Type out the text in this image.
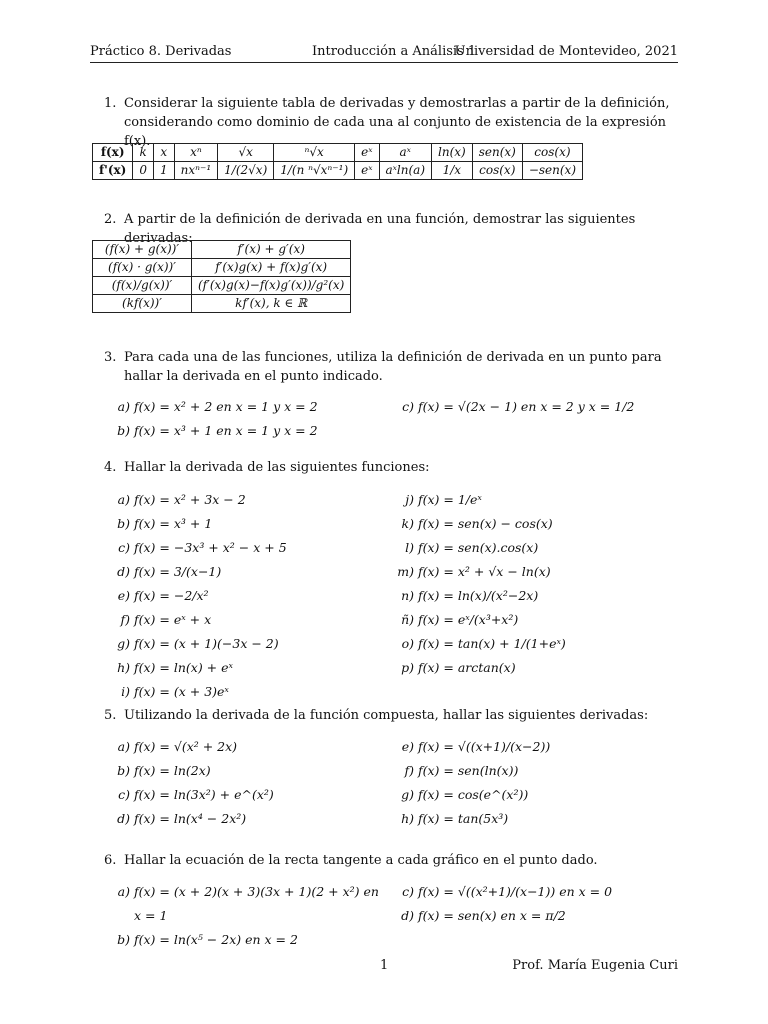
Práctico 8. Derivadas	Introducción a Análisis 1
Universidad de Montevideo, 2021
1. Considerar la siguiente tabla de derivadas y demostrarlas a partir de la definición, considerando como dominio de cada una al conjunto de existencia de la expresión f(x).
f(x)	k	x	xⁿ	√x	ⁿ√x	eˣ	aˣ	ln(x)	sen(x)	cos(x)
f'(x)	0	1	nxⁿ⁻¹	1/(2√x)	1/(n ⁿ√xⁿ⁻¹)	eˣ	aˣln(a)	1/x	cos(x)	−sen(x)
2. A partir de la definición de derivada en una función, demostrar las siguientes derivadas:
(f(x) + g(x))′	f′(x) + g′(x)
(f(x) · g(x))′	f′(x)g(x) + f(x)g′(x)
(f(x)/g(x))′	(f′(x)g(x)−f(x)g′(x))/g²(x)
(kf(x))′	kf′(x), k ∈ ℝ
3. Para cada una de las funciones, utiliza la definición de derivada en un punto para hallar la derivada en el punto indicado.
a) f(x) = x² + 2 en x = 1 y x = 2
b) f(x) = x³ + 1 en x = 1 y x = 2
c) f(x) = √(2x − 1) en x = 2 y x = 1/2
4. Hallar la derivada de las siguientes funciones:
a) f(x) = x² + 3x − 2
b) f(x) = x³ + 1
c) f(x) = −3x³ + x² − x + 5
d) f(x) = 3/(x−1)
e) f(x) = −2/x²
f) f(x) = eˣ + x
g) f(x) = (x + 1)(−3x − 2)
h) f(x) = ln(x) + eˣ
i) f(x) = (x + 3)eˣ
j) f(x) = 1/eˣ
k) f(x) = sen(x) − cos(x)
l) f(x) = sen(x).cos(x)
m) f(x) = x² + √x − ln(x)
n) f(x) = ln(x)/(x²−2x)
ñ) f(x) = eˣ/(x³+x²)
o) f(x) = tan(x) + 1/(1+eˣ)
p) f(x) = arctan(x)
5. Utilizando la derivada de la función compuesta, hallar las siguientes derivadas:
a) f(x) = √(x² + 2x)
b) f(x) = ln(2x)
c) f(x) = ln(3x²) + e^(x²)
d) f(x) = ln(x⁴ − 2x²)
e) f(x) = √((x+1)/(x−2))
f) f(x) = sen(ln(x))
g) f(x) = cos(e^(x²))
h) f(x) = tan(5x³)
6. Hallar la ecuación de la recta tangente a cada gráfico en el punto dado.
a) f(x) = (x + 2)(x + 3)(3x + 1)(2 + x²) en
x = 1
b) f(x) = ln(x⁵ − 2x) en x = 2
c) f(x) = √((x²+1)/(x−1)) en x = 0
d) f(x) = sen(x) en x = π/2
1	Prof. María Eugenia Curi
